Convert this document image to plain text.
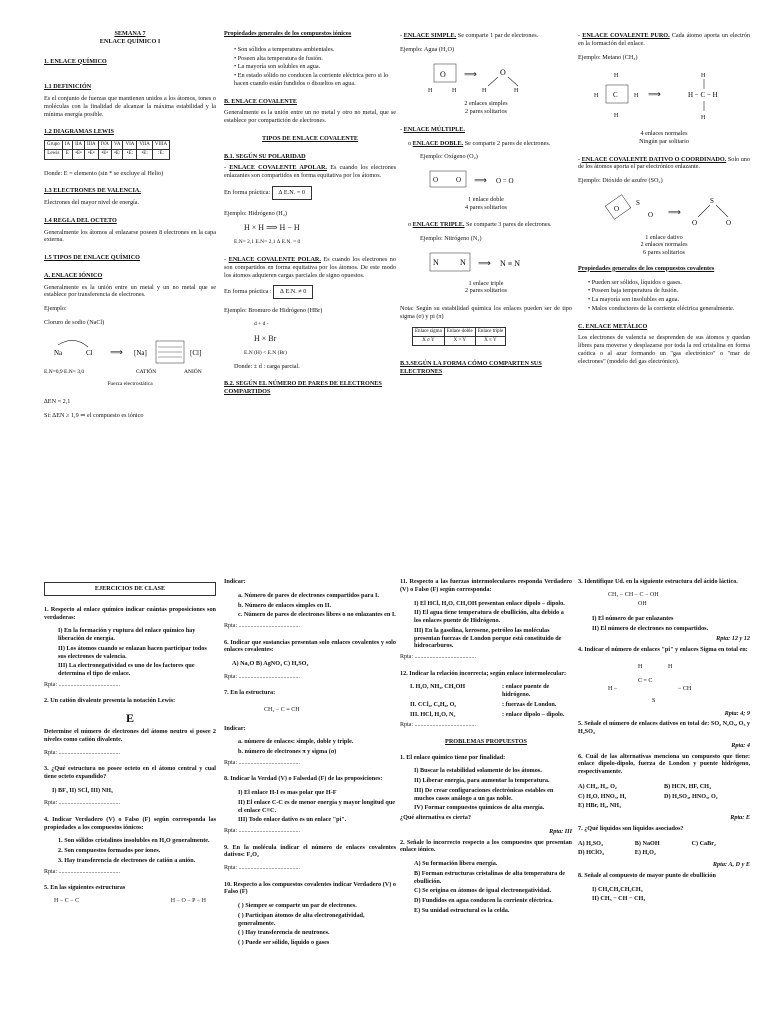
SEMANA 7
ENLACE QUÍMICO I
1. ENLACE QUÍMICO
1.1 DEFINICIÓN
Es el conjunto de fuerzas que mantienen unidos a los átomos, iones o moléculas con la finalidad de alcanzar la máxima estabilidad y la mínima energía posible.
1.2 DIAGRAMAS LEWIS
Grupo	IA	IIA	IIIA	IVA	VA	VIA	VIIA	VIIIA
Lewis	E	•E•	•E•	•E•	•E:	•E:	•E:	:E:
Donde: E = elemento (sin * se excluye al Helio)
1.3 ELECTRONES DE VALENCIA.
Electrones del mayor nivel de energía.
1.4 REGLA DEL OCTETO
Generalmente los átomos al enlazarse poseen 8 electrones en la capa externa.
1.5 TIPOS DE ENLACE QUÍMICO
A. ENLACE IÓNICO
Generalmente es la unión entre un metal y un no metal que se establece por transferencia de electrones.
Ejemplo:
Cloruro de sodio (NaCl)
Na	Cl ⟹ [Na]	[Cl]
E.N=0,9 E.N= 3,0	CATIÓN	ANIÓN
Fuerza electrostática
∆EN = 2,1
Si: ∆EN ≥ 1,9 ⇒ el compuesto es iónico
Propiedades generales de los compuestos iónicos
• Son sólidos a temperatura ambientales.
• Poseen alta temperatura de fusión.
• La mayoría son solubles en agua.
• En estado sólido no conducen la corriente eléctrica pero si lo hacen cuando están fundidos o disueltos en agua.
B. ENLACE COVALENTE
Generalmente es la unión entre un no metal y otro no metal, que se establece por compartición de electrones.
TIPOS DE ENLACE COVALENTE
B.1. SEGÚN SU POLARIDAD
- ENLACE COVALENTE APOLAR. Es cuando los electrones enlazantes son compartidos en forma equitativa por los átomos.
En forma práctica: ∆ E.N. = 0
Ejemplo: Hidrógeno (H₂)
H × H ⟹ H − H
E.N= 2,1 E.N= 2,1 ∆ E.N. = 0
- ENLACE COVALENTE POLAR. Es cuando los electrones no son compartidos en forma equitativa por los átomos. De este modo los átomos adquieren cargas parciales de signo opuestos.
En forma práctica : ∆ E.N. ≠ 0
Ejemplo: Bromuro de Hidrógeno (HBr)
d + d -
H × Br
E.N (H) < E.N (Br)
Donde: ± d : carga parcial.
B.2. SEGÚN EL NÚMERO DE PARES DE ELECTRONES COMPARTIDOS
- ENLACE SIMPLE. Se comparte 1 par de electrones.
Ejemplo: Agua (H₂O)
O
H	H
⟹	O
H	H
2 enlaces simples
2 pares solitarios
- ENLACE MÚLTIPLE.
o ENLACE DOBLE. Se comparte 2 pares de electrones.
Ejemplo: Oxígeno (O₂)
O	O ⟹ O = O
1 enlace doble
4 pares solitarios
o ENLACE TRIPLE. Se comparte 3 pares de electrones.
Ejemplo: Nitrógeno (N₂)
N	N ⟹ N ≡ N
1 enlace triple
2 pares solitarios
Nota: Según su estabilidad química los enlaces pueden ser de tipo sigma (σ) y pi (π)
Enlace sigma	Enlace doble	Enlace triple
X σ Y	X = Y	X ≡ Y
B.3.SEGÚN LA FORMA CÓMO COMPARTEN SUS ELECTRONES
- ENLACE COVALENTE PURO. Cada átomo aporta un electrón en la formación del enlace.
Ejemplo: Metano (CH₄)
C
H
H
H	H ⟹	H − C − H
H
H
4 enlaces normales
Ningún par solitario
- ENLACE COVALENTE DATIVO O COORDINADO. Solo uno de los átomos aporta el par electrónico enlazante.
Ejemplo: Dióxido de azufre (SO₂)
O
S
O ⟹
S
O	O
1 enlace dativo
2 enlaces normales
6 pares solitarios
Propiedades generales de los compuestos covalentes
• Pueden ser sólidos, líquidos o gases.
• Poseen baja temperatura de fusión.
• La mayoría son insolubles en agua.
• Malos conductores de la corriente eléctrica generalmente.
C. ENLACE METÁLICO
Los electrones de valencia se desprenden de sus átomos y quedan libres para moverse y desplazarse por toda la red cristalina en forma caótica o al azar formando un "gas electrónico" o "mar de electrones" (modelo del gas electrónico).
EJERCICIOS DE CLASE
1. Respecto al enlace químico indicar cuántas proposiciones son verdaderas:
I) En la formación y ruptura del enlace químico hay liberación de energía.
II) Los átomos cuando se enlazan hacen participar todos sus electrones de valencia.
III) La electronegatividad es uno de los factores que determina el tipo de enlace.
Rpta: .........................................
2. Un catión divalente presenta la notación Lewis:
E
Determine el número de electrones del átomo neutro si posee 2 niveles como catión divalente.
Rpta: .........................................
3. ¿Qué estructura no posee octeto en el átomo central y cual tiene octeto expandido?
I) BF₃ II) SCl₄ III) NH₃
Rpta: .........................................
4. Indicar Verdadero (V) o Falso (F) según corresponda las propiedades a los compuestos iónicos:
1. Son sólidos cristalinos insolubles en H₂O generalmente.
2. Son compuestos formados por iones.
3. Hay transferencia de electrones de catión a anión.
Rpta: .........................................
5. En las siguientes estructuras
H − C − C	H − O − P − H
Indicar:
a. Número de pares de electrones compartidos para I.
b. Número de enlaces simples en II.
c. Número de pares de electrones libres o no enlazantes en I.
Rpta: .........................................
6. Indicar que sustancias presentan solo enlaces covalentes y solo enlaces covalentes:
A) Na₂O B) AgNO₃ C) H₂SO₄
Rpta: .........................................
7. En la estructura:
CH₂ − C ≡ CH
Indicar:
a. número de enlaces: simple, doble y triple.
b. número de electrones π y sigma (σ)
Rpta: .........................................
8. Indicar la Verdad (V) o Falsedad (F) de las proposiciones:
I) El enlace H-I es mas polar que H-F
II) El enlace C-C es de menor energía y mayor longitud que el enlace C≡C.
III) Todo enlace dativo es un enlace "pi".
Rpta: .........................................
9. En la molécula indicar el número de enlaces covalentes dativos: F₂O₂
Rpta: .........................................
10. Respecto a los compuestos covalentes indicar Verdadero (V) o Falso (F)
( ) Siempre se comparte un par de electrones.
( ) Participan átomos de alta electronegatividad, generalmente.
( ) Hay transferencia de neutrones.
( ) Puede ser sólido, líquido o gases
11. Respecto a las fuerzas intermoleculares responda Verdadero (V) o Falso (F) según corresponda:
I) El HCl, H₂O, CH₃OH presentan enlace dipolo – dipolo.
II) El agua tiene temperatura de ebullición, alta debido a los enlaces puente de Hidrógeno.
III) En la gasolina, kerosene, petróleo las moléculas presentan fuerzas de London porque está constituido de hidrocarburos.
Rpta: .........................................
12. Indicar la relación incorrecta; según enlace intermolecular:
I. H₂O, NH₃, CH₃OH	: enlace puente de hidrógeno.
II. CCl₄, C₆H₆, O₂	: fuerzas de London.
III. HCl, H₂O, N₂	: enlace dipolo – dipolo.
Rpta: .........................................
PROBLEMAS PROPUESTOS
1. El enlace químico tiene por finalidad:
I) Buscar la estabilidad solamente de los átomos.
II) Liberar energía, para aumentar la temperatura.
III) De crear configuraciones electrónicas estables en muchos casos análogo a un gas noble.
IV) Formar compuestos químicos de alta energía.
¿Qué alternativa es cierta?
Rpta: III
2. Señale lo incorrecto respecto a los compuestos que presentan enlace iónico.
A) Su formación libera energía.
B) Forman estructuras cristalinas de alta temperatura de ebullición.
C) Se origina en átomos de igual electronegatividad.
D) Fundidos en agua conducen la corriente eléctrica.
E) Su unidad estructural es la celda.
3. Identifique Ud. en la siguiente estructura del ácido láctico.
CH₃ − CH − C − OH
OH
I) El número de par enlazantes
II) El número de electrones no compartidos.
Rpta: 12 y 12
4. Indicar el número de enlaces "pi" y enlaces Sigma en total en:
H	H
C = C
H −	− CH
S
Rpta: 4; 9
5. Señale el número de enlaces dativos en total de: SO₂ N₂O₅, O₃ y H₂SO₄
Rpta: 4
6. Cuál de las alternativas menciona un compuesto que tiene: enlace dipolo-dipolo, fuerza de London y puente hidrógeno, respectivamente.
A) CH₄, H₂, O₂	B) HCN, HF, CH₄
C) H₂O, HNO₃, H₂	D) H₂SO₄, HNO₃, O₂
E) HBr, H₂, NH₃
Rpta: E
7. ¿Qué líquidos son líquidos asociados?
A) H₂SO₄	B) NaOH	C) CaBr₂
D) HClO₄	E) H₂O₂
Rpta: A, D y E
8. Señale al compuesto de mayor punto de ebullición
I) CH₃CH₂CH₂CH₃
II) CH₃ − CH − CH₃
